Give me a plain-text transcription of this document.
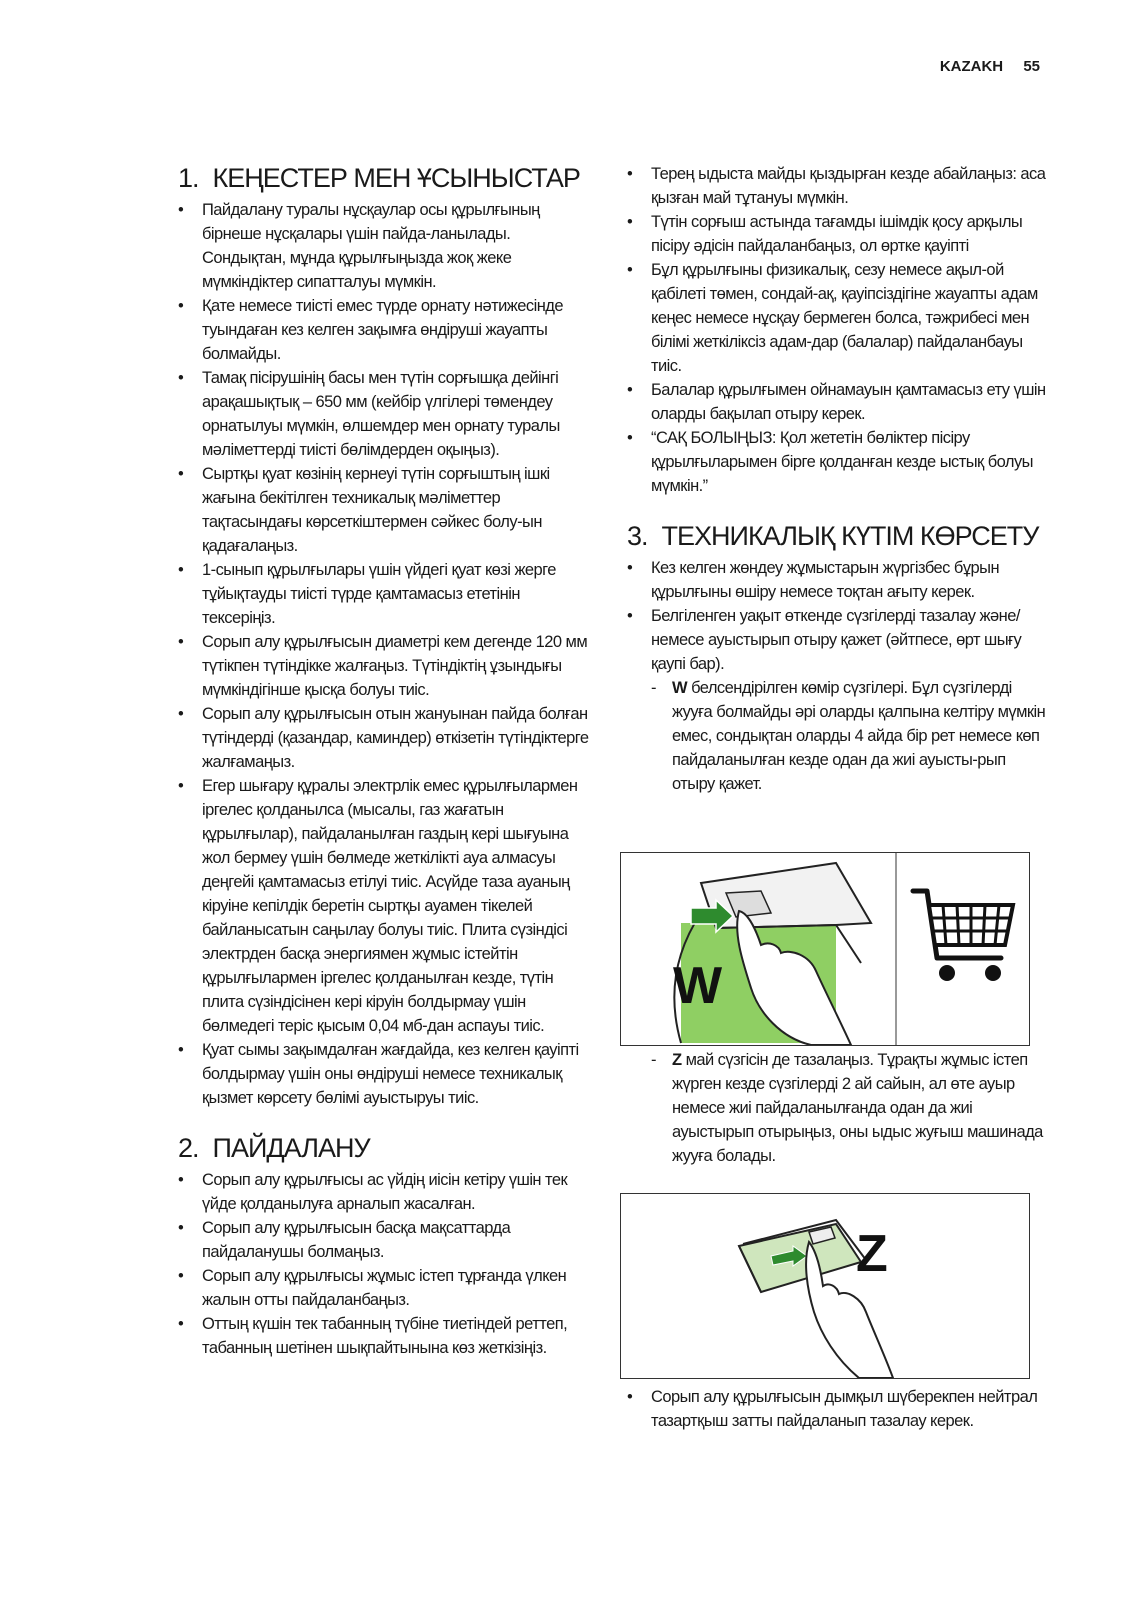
KAZAKH 55
1. КЕҢЕСТЕР МЕН ҰСЫНЫСТАР
• Пайдалану туралы нұсқаулар осы құрылғының бірнеше нұсқалары үшін пайда-ланылады. Сондықтан, мұнда құрылғыңызда жоқ жеке мүмкіндіктер сипатталуы мүмкін.
• Қате немесе тиісті емес түрде орнату нәтижесінде туындаған кез келген зақымға өндіруші жауапты болмайды.
• Тамақ пісірушінің басы мен түтін сорғышқа дейінгі арақашықтық – 650 мм (кейбір үлгілері төмендеу орнатылуы мүмкін, өлшемдер мен орнату туралы мәліметтерді тиісті бөлімдерден оқыңыз).
• Сыртқы қуат көзінің кернеуі түтін сорғыштың ішкі жағына бекітілген техникалық мәліметтер тақтасындағы көрсеткіштермен сәйкес болу-ын қадағалаңыз.
• 1-сынып құрылғылары үшін үйдегі қуат көзі жерге тұйықтауды тиісті түрде қамтамасыз ететінін тексеріңіз.
• Сорып алу құрылғысын диаметрі кем дегенде 120 мм түтікпен түтіндікке жалғаңыз. Түтіндіктің ұзындығы мүмкіндігінше қысқа болуы тиіс.
• Сорып алу құрылғысын отын жануынан пайда болған түтіндерді (қазандар, каминдер) өткізетін түтіндіктерге жалғамаңыз.
• Егер шығару құралы электрлік емес құрылғылармен іргелес қолданылса (мысалы, газ жағатын құрылғылар), пайдаланылған газдың кері шығуына жол бермеу үшін бөлмеде жеткілікті ауа алмасуы деңгейі қамтамасыз етілуі тиіс. Асүйде таза ауаның кіруіне кепілдік беретін сыртқы ауамен тікелей байланысатын саңылау болуы тиіс. Плита сүзіндісі электрден басқа энергиямен жұмыс істейтін құрылғылармен іргелес қолданылған кезде, түтін плита сүзіндісінен кері кіруін болдырмау үшін бөлмедегі теріс қысым 0,04 мб-дан аспауы тиіс.
• Қуат сымы зақымдалған жағдайда, кез келген қауіпті болдырмау үшін оны өндіруші немесе техникалық қызмет көрсету бөлімі ауыстыруы тиіс.
2. ПАЙДАЛАНУ
• Сорып алу құрылғысы ас үйдің иісін кетіру үшін тек үйде қолданылуға арналып жасалған.
• Сорып алу құрылғысын басқа мақсаттарда пайдаланушы болмаңыз.
• Сорып алу құрылғысы жұмыс істеп тұрғанда үлкен жалын отты пайдаланбаңыз.
• Оттың күшін тек табанның түбіне тиетіндей реттеп, табанның шетінен шықпайтынына көз жеткізіңіз.
• Терең ыдыста майды қыздырған кезде абайлаңыз: аса қызған май тұтануы мүмкін.
• Түтін сорғыш астында тағамды ішімдік қосу арқылы пісіру әдісін пайдаланбаңыз, ол өртке қауіпті
• Бұл құрылғыны физикалық, сезу немесе ақыл-ой қабілеті төмен, сондай-ақ, қауіпсіздігіне жауапты адам кеңес немесе нұсқау бермеген болса, тәжрибесі мен білімі жеткіліксіз адам-дар (балалар) пайдаланбауы тиіс.
• Балалар құрылғымен ойнамауын қамтамасыз ету үшін оларды бақылап отыру керек.
• “САҚ БОЛЫҢЫЗ: Қол жететін бөліктер пісіру құрылғыларымен бірге қолданған кезде ыстық болуы мүмкін.”
3. ТЕХНИКАЛЫҚ КҮТІМ КӨРСЕТУ
• Кез келген жөндеу жұмыстарын жүргізбес бұрын құрылғыны өшіру немесе тоқтан ағыту керек.
• Белгіленген уақыт өткенде сүзгілерді тазалау және/немесе ауыстырып отыру қажет (әйтпесе, өрт шығу қаупі бар).
- W белсендірілген көмір сүзгілері. Бұл сүзгілерді жууға болмайды әрі оларды қалпына келтіру мүмкін емес, сондықтан оларды 4 айда бір рет немесе көп пайдаланылған кезде одан да жиі ауысты-рып отыру қажет.
W
- Z май сүзгісін де тазалаңыз. Тұрақты жұмыс істеп жүрген кезде сүзгілерді 2 ай сайын, ал өте ауыр немесе жиі пайдаланылғанда одан да жиі ауыстырып отырыңыз, оны ыдыс жуғыш машинада жууға болады.
Z
• Сорып алу құрылғысын дымқыл шүберекпен нейтрал тазартқыш затты пайдаланып тазалау керек.
